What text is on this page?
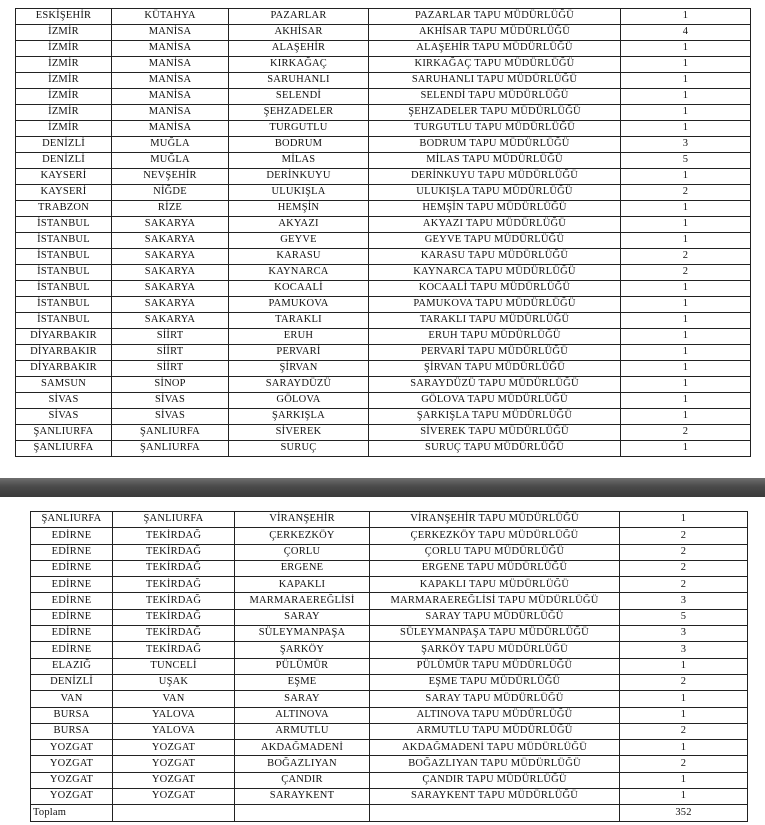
ESKİŞEHİR	KÜTAHYA	PAZARLAR	PAZARLAR TAPU MÜDÜRLÜĞÜ	1
İZMİR	MANİSA	AKHİSAR	AKHİSAR TAPU MÜDÜRLÜĞÜ	4
İZMİR	MANİSA	ALAŞEHİR	ALAŞEHİR TAPU MÜDÜRLÜĞÜ	1
İZMİR	MANİSA	KIRKAĞAÇ	KIRKAĞAÇ TAPU MÜDÜRLÜĞÜ	1
İZMİR	MANİSA	SARUHANLI	SARUHANLI TAPU MÜDÜRLÜĞÜ	1
İZMİR	MANİSA	SELENDİ	SELENDİ TAPU MÜDÜRLÜĞÜ	1
İZMİR	MANİSA	ŞEHZADELER	ŞEHZADELER TAPU MÜDÜRLÜĞÜ	1
İZMİR	MANİSA	TURGUTLU	TURGUTLU TAPU MÜDÜRLÜĞÜ	1
DENİZLİ	MUĞLA	BODRUM	BODRUM TAPU MÜDÜRLÜĞÜ	3
DENİZLİ	MUĞLA	MİLAS	MİLAS TAPU MÜDÜRLÜĞÜ	5
KAYSERİ	NEVŞEHİR	DERİNKUYU	DERİNKUYU TAPU MÜDÜRLÜĞÜ	1
KAYSERİ	NİĞDE	ULUKIŞLA	ULUKIŞLA TAPU MÜDÜRLÜĞÜ	2
TRABZON	RİZE	HEMŞİN	HEMŞİN TAPU MÜDÜRLÜĞÜ	1
İSTANBUL	SAKARYA	AKYAZI	AKYAZI TAPU MÜDÜRLÜĞÜ	1
İSTANBUL	SAKARYA	GEYVE	GEYVE TAPU MÜDÜRLÜĞÜ	1
İSTANBUL	SAKARYA	KARASU	KARASU TAPU MÜDÜRLÜĞÜ	2
İSTANBUL	SAKARYA	KAYNARCA	KAYNARCA TAPU MÜDÜRLÜĞÜ	2
İSTANBUL	SAKARYA	KOCAALİ	KOCAALİ TAPU MÜDÜRLÜĞÜ	1
İSTANBUL	SAKARYA	PAMUKOVA	PAMUKOVA TAPU MÜDÜRLÜĞÜ	1
İSTANBUL	SAKARYA	TARAKLI	TARAKLI TAPU MÜDÜRLÜĞÜ	1
DİYARBAKIR	SİİRT	ERUH	ERUH TAPU MÜDÜRLÜĞÜ	1
DİYARBAKIR	SİİRT	PERVARİ	PERVARİ TAPU MÜDÜRLÜĞÜ	1
DİYARBAKIR	SİİRT	ŞİRVAN	ŞİRVAN TAPU MÜDÜRLÜĞÜ	1
SAMSUN	SİNOP	SARAYDÜZÜ	SARAYDÜZÜ TAPU MÜDÜRLÜĞÜ	1
SİVAS	SİVAS	GÖLOVA	GÖLOVA TAPU MÜDÜRLÜĞÜ	1
SİVAS	SİVAS	ŞARKIŞLA	ŞARKIŞLA TAPU MÜDÜRLÜĞÜ	1
ŞANLIURFA	ŞANLIURFA	SİVEREK	SİVEREK TAPU MÜDÜRLÜĞÜ	2
ŞANLIURFA	ŞANLIURFA	SURUÇ	SURUÇ TAPU MÜDÜRLÜĞÜ	1
ŞANLIURFA	ŞANLIURFA	VİRANŞEHİR	VİRANŞEHİR TAPU MÜDÜRLÜĞÜ	1
EDİRNE	TEKİRDAĞ	ÇERKEZKÖY	ÇERKEZKÖY TAPU MÜDÜRLÜĞÜ	2
EDİRNE	TEKİRDAĞ	ÇORLU	ÇORLU TAPU MÜDÜRLÜĞÜ	2
EDİRNE	TEKİRDAĞ	ERGENE	ERGENE TAPU MÜDÜRLÜĞÜ	2
EDİRNE	TEKİRDAĞ	KAPAKLI	KAPAKLI TAPU MÜDÜRLÜĞÜ	2
EDİRNE	TEKİRDAĞ	MARMARAEREĞLİSİ	MARMARAEREĞLİSİ TAPU MÜDÜRLÜĞÜ	3
EDİRNE	TEKİRDAĞ	SARAY	SARAY TAPU MÜDÜRLÜĞÜ	5
EDİRNE	TEKİRDAĞ	SÜLEYMANPAŞA	SÜLEYMANPAŞA TAPU MÜDÜRLÜĞÜ	3
EDİRNE	TEKİRDAĞ	ŞARKÖY	ŞARKÖY TAPU MÜDÜRLÜĞÜ	3
ELAZIĞ	TUNCELİ	PÜLÜMÜR	PÜLÜMÜR TAPU MÜDÜRLÜĞÜ	1
DENİZLİ	UŞAK	EŞME	EŞME TAPU MÜDÜRLÜĞÜ	2
VAN	VAN	SARAY	SARAY TAPU MÜDÜRLÜĞÜ	1
BURSA	YALOVA	ALTINOVA	ALTINOVA TAPU MÜDÜRLÜĞÜ	1
BURSA	YALOVA	ARMUTLU	ARMUTLU TAPU MÜDÜRLÜĞÜ	2
YOZGAT	YOZGAT	AKDAĞMADENİ	AKDAĞMADENİ TAPU MÜDÜRLÜĞÜ	1
YOZGAT	YOZGAT	BOĞAZLIYAN	BOĞAZLIYAN TAPU MÜDÜRLÜĞÜ	2
YOZGAT	YOZGAT	ÇANDIR	ÇANDIR TAPU MÜDÜRLÜĞÜ	1
YOZGAT	YOZGAT	SARAYKENT	SARAYKENT TAPU MÜDÜRLÜĞÜ	1
Toplam				352
